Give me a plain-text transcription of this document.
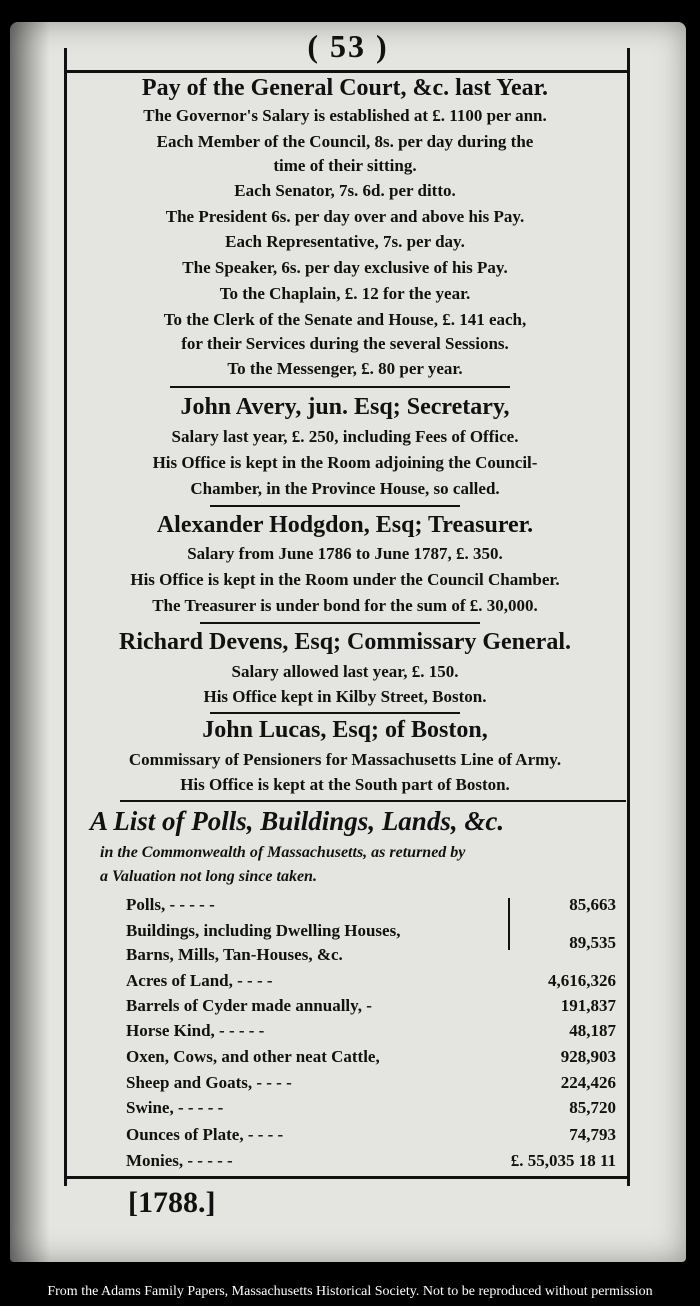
( 53 )
Pay of the General Court, &c. last Year.
The Governor's Salary is established at £. 1100 per ann.
Each Member of the Council, 8s. per day during the
time of their sitting.
Each Senator, 7s. 6d. per ditto.
The President 6s. per day over and above his Pay.
Each Representative, 7s. per day.
The Speaker, 6s. per day exclusive of his Pay.
To the Chaplain, £. 12 for the year.
To the Clerk of the Senate and House, £. 141 each,
for their Services during the several Sessions.
To the Messenger, £. 80 per year.
John Avery, jun. Esq; Secretary,
Salary last year, £. 250, including Fees of Office.
His Office is kept in the Room adjoining the Council-
Chamber, in the Province House, so called.
Alexander Hodgdon, Esq; Treasurer.
Salary from June 1786 to June 1787, £. 350.
His Office is kept in the Room under the Council Chamber.
The Treasurer is under bond for the sum of £. 30,000.
Richard Devens, Esq; Commissary General.
Salary allowed last year, £. 150.
His Office kept in Kilby Street, Boston.
John Lucas, Esq; of Boston,
Commissary of Pensioners for Massachusetts Line of Army.
His Office is kept at the South part of Boston.
A List of Polls, Buildings, Lands, &c.
in the Commonwealth of Massachusetts, as returned by
a Valuation not long since taken.
Polls, - - - - -	85,663
Buildings, including Dwelling Houses,
Barns, Mills, Tan-Houses, &c.
89,535
Acres of Land, - - - -	4,616,326
Barrels of Cyder made annually, -	191,837
Horse Kind, - - - - -	48,187
Oxen, Cows, and other neat Cattle,	928,903
Sheep and Goats, - - - -	224,426
Swine, - - - - -	85,720
Ounces of Plate, - - - -	74,793
Monies, - - - - -	£. 55,035 18 11
[1788.]
From the Adams Family Papers, Massachusetts Historical Society. Not to be reproduced without permission
